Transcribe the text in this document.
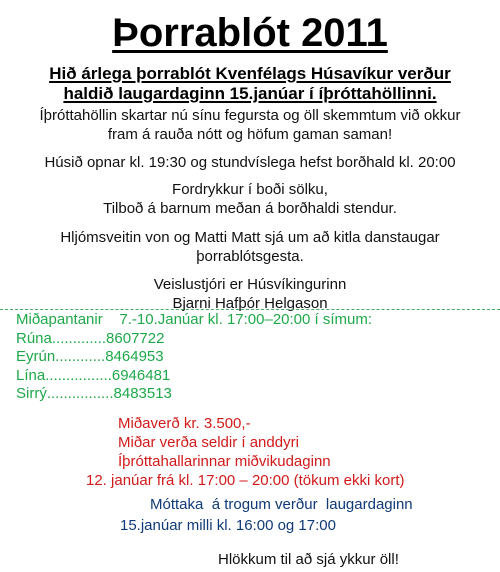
Þorrablót 2011
Hið árlega þorrablót Kvenfélags Húsavíkur verður
haldið laugardaginn 15.janúar í íþróttahöllinni.
Íþróttahöllin skartar nú sínu fegursta og öll skemmtum við okkur
fram á rauða nótt og höfum gaman saman!
Húsið opnar kl. 19:30 og stundvíslega hefst borðhald kl. 20:00
Fordrykkur í boði sölku,
Tilboð á barnum meðan á borðhaldi stendur.
Hljómsveitin von og Matti Matt sjá um að kitla danstaugar
þorrablótsgesta.
Veislustjóri er Húsvíkingurinn
Bjarni Hafþór Helgason
Miðapantanir    7.-10.Janúar kl. 17:00–20:00 í símum:
Rúna.............8607722
Eyrún............8464953
Lína................6946481
Sirrý................8483513
Miðaverð kr. 3.500,-
Miðar verða seldir í anddyri
Íþróttahallarinnar miðvikudaginn
12. janúar frá kl. 17:00 – 20:00 (tökum ekki kort)
Móttaka  á trogum verður  laugardaginn
15.janúar milli kl. 16:00 og 17:00
Hlökkum til að sjá ykkur öll!
